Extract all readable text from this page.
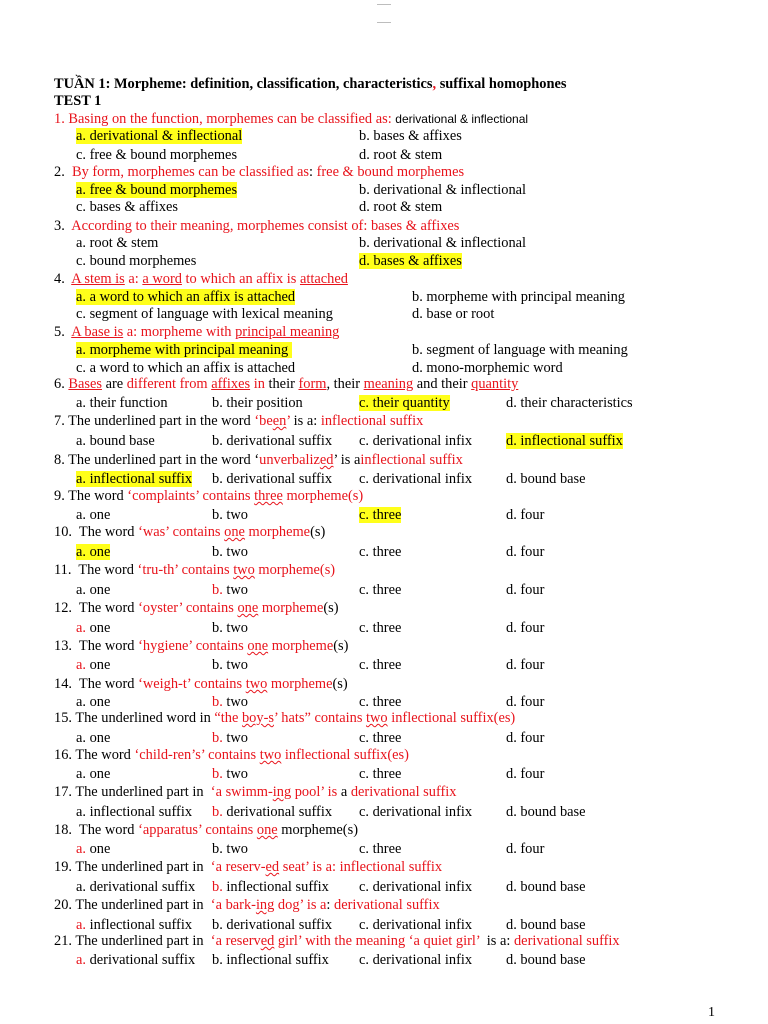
TUẦN 1: Morpheme: definition, classification, characteristics, suffixal homophones
TEST 1
1. Basing on the function, morphemes can be classified as: derivational & inflectional
a. derivational & inflectional	b. bases & affixes
c. free & bound morphemes	d. root & stem
2.  By form, morphemes can be classified as: free & bound morphemes
a. free & bound morphemes	b. derivational & inflectional
c. bases & affixes	d. root & stem
3.  According to their meaning, morphemes consist of: bases & affixes
a. root & stem	b. derivational & inflectional
c. bound morphemes	d. bases & affixes
4.  A stem is a: a word to which an affix is attached
a. a word to which an affix is attached	b. morpheme with principal meaning
c. segment of language with lexical meaning	d. base or root
5.  A base is a: morpheme with principal meaning
a. morpheme with principal meaning	b. segment of language with meaning
c. a word to which an affix is attached	d. mono-morphemic word
6. Bases are different from affixes in their form, their meaning and their quantity
a. their function	b. their position	c. their quantity	d. their characteristics
7. The underlined part in the word ‘been’ is a: inflectional suffix
a. bound base	b. derivational suffix c. derivational infix d. inflectional suffix
8. The underlined part in the word ‘unverbalized’ is ainflectional suffix
a. inflectional suffix b. derivational suffix c. derivational infix d. bound base
9. The word ‘complaints’ contains three morpheme(s)
a. one	b. two	c. three	d. four
10.  The word ‘was’ contains one morpheme(s)
a. one	b. two	c. three	d. four
11.  The word ‘tru-th’ contains two morpheme(s)
a. one	b. two	c. three	d. four
12.  The word ‘oyster’ contains one morpheme(s)
a. one	b. two	c. three	d. four
13.  The word ‘hygiene’ contains one morpheme(s)
a. one	b. two	c. three	d. four
14.  The word ‘weigh-t’ contains two morpheme(s)
a. one	b. two	c. three	d. four
15. The underlined word in “the boy-s’ hats” contains two inflectional suffix(es)
a. one	b. two	c. three	d. four
16. The word ‘child-ren’s’ contains two inflectional suffix(es)
a. one	b. two	c. three	d. four
17. The underlined part in  ‘a swimm-ing pool’ is a derivational suffix
a. inflectional suffix b. derivational suffix c. derivational infix d. bound base
18.  The word ‘apparatus’ contains one morpheme(s)
a. one	b. two	c. three	d. four
19. The underlined part in  ‘a reserv-ed seat’ is a: inflectional suffix
a. derivational suffix b. inflectional suffix c. derivational infix d. bound base
20. The underlined part in  ‘a bark-ing dog’ is a: derivational suffix
a. inflectional suffix b. derivational suffix c. derivational infix d. bound base
21. The underlined part in  ‘a reserved girl’ with the meaning ‘a quiet girl’  is a: derivational suffix
a. derivational suffix b. inflectional suffix c. derivational infix d. bound base
1
